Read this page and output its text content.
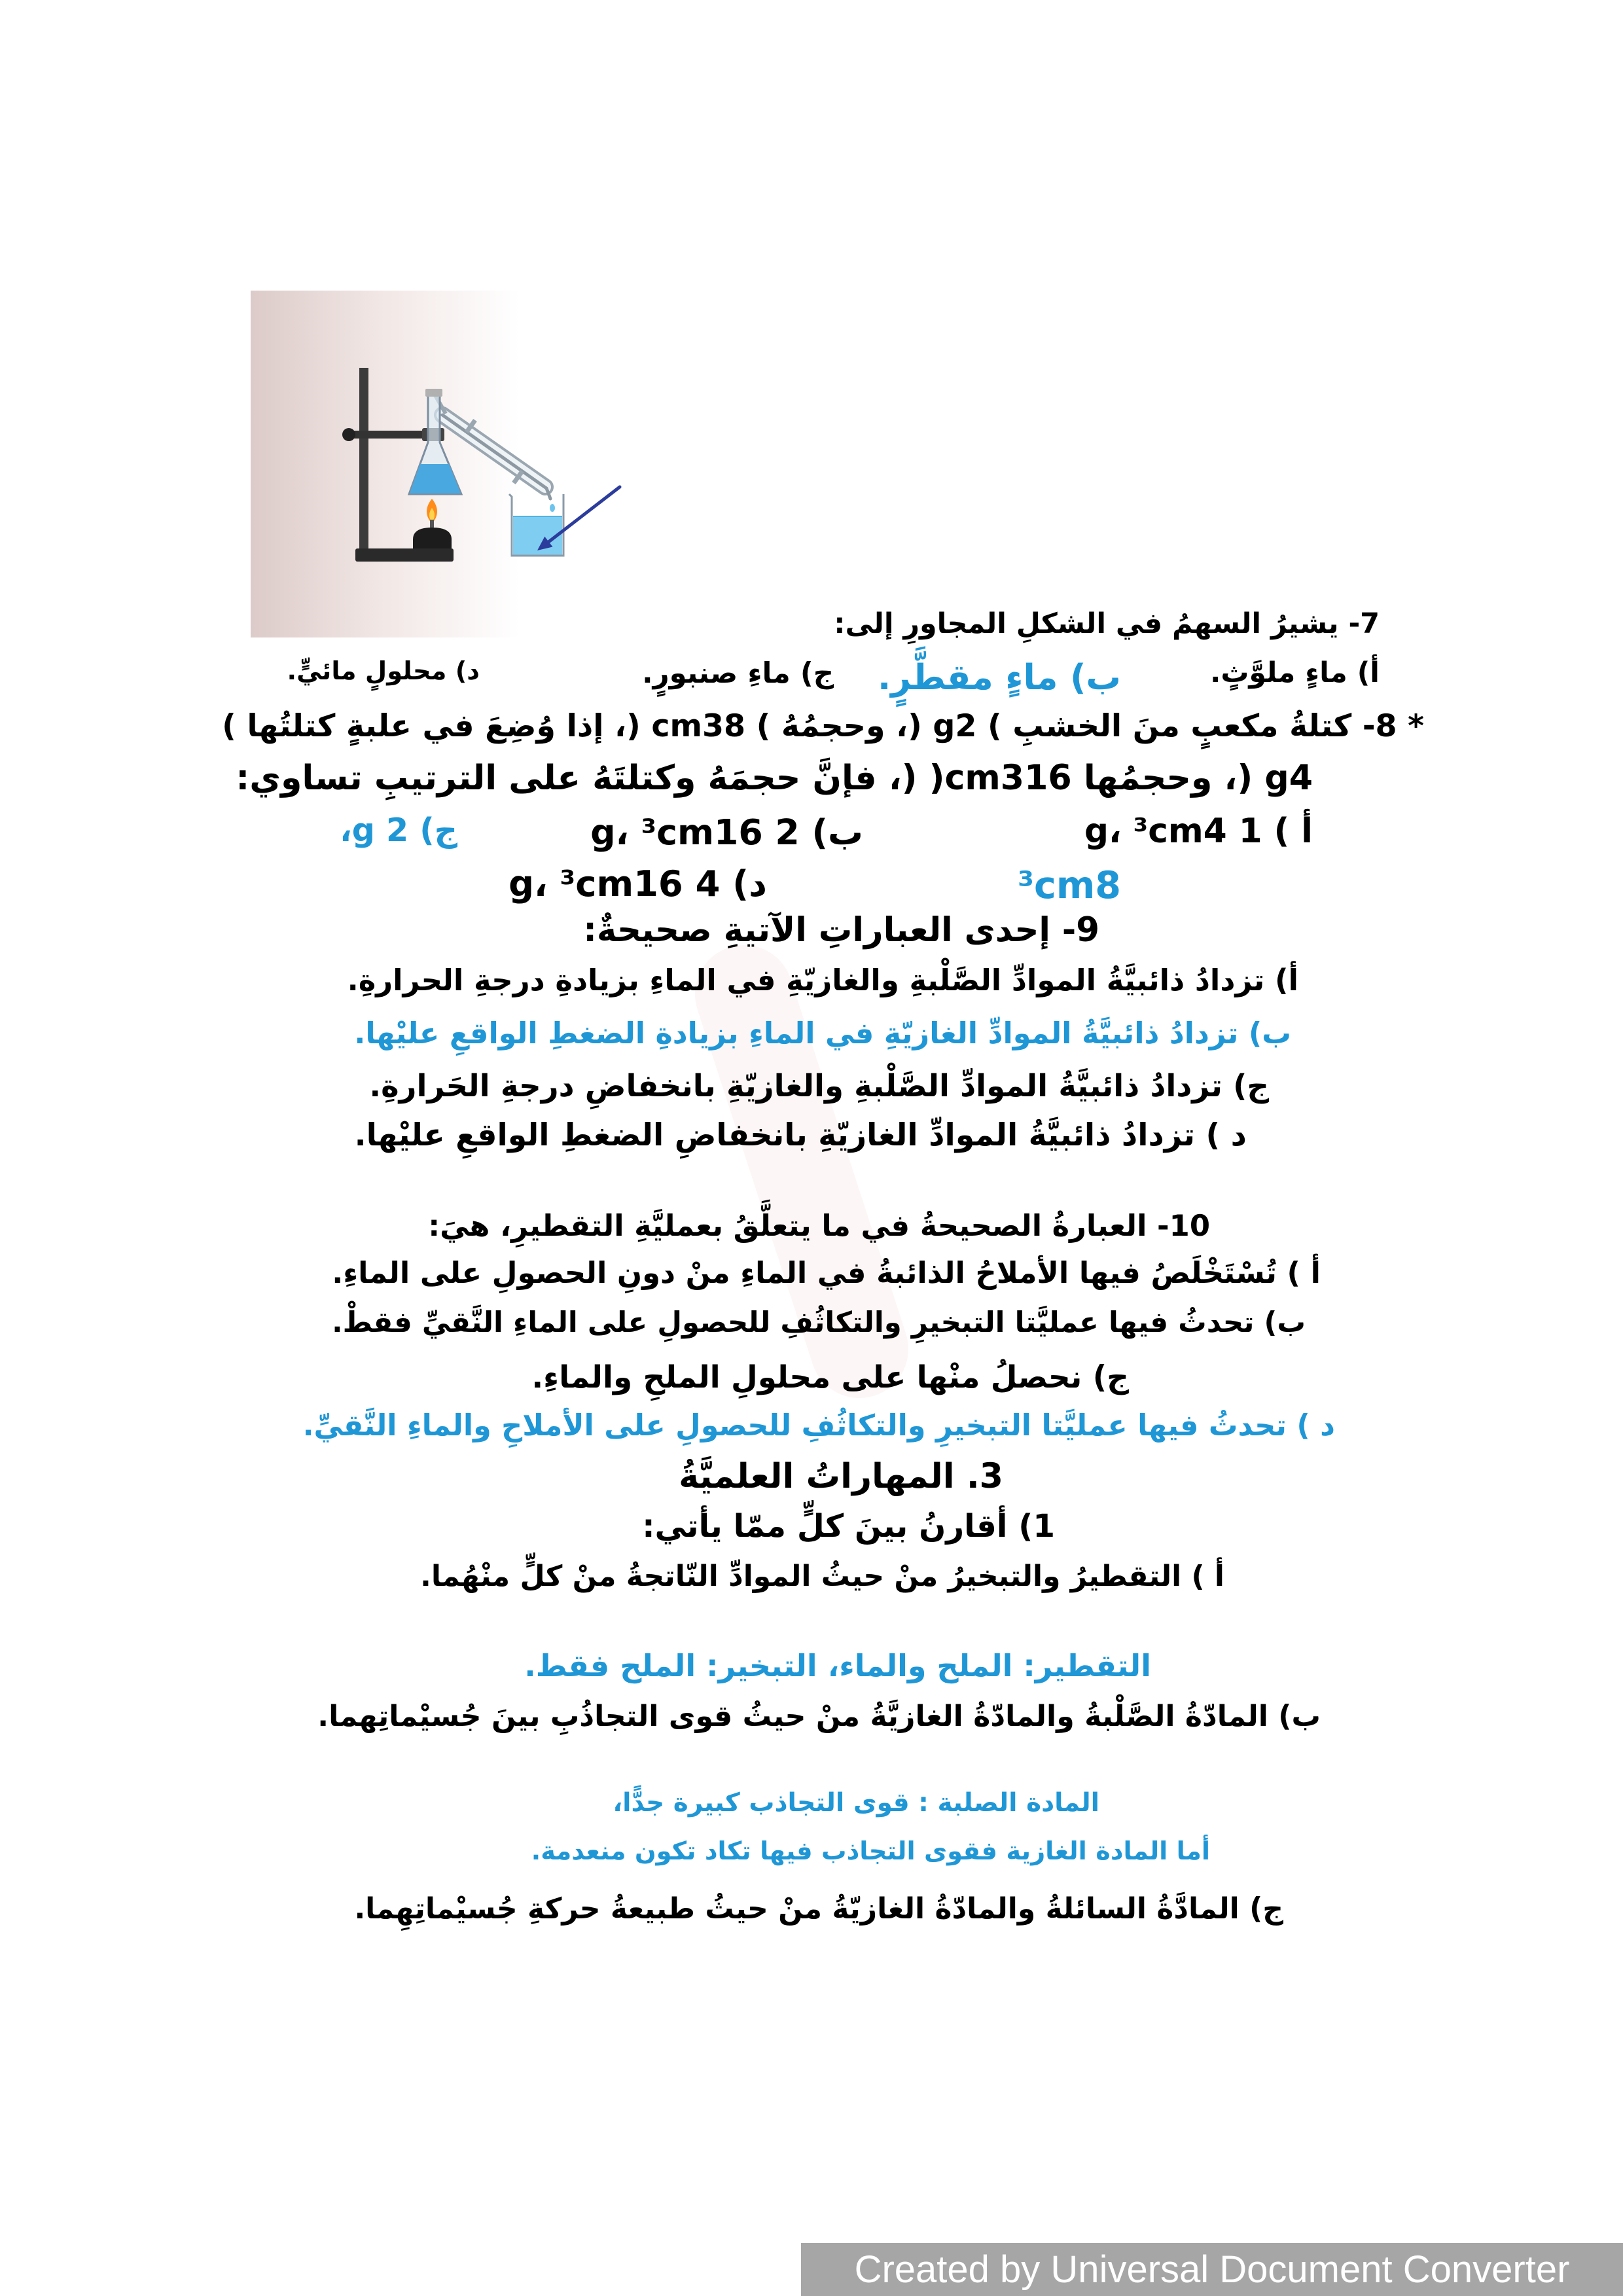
7- يشيرُ السهمُ في الشكلِ المجاورِ إلى:
أ) ماءٍ ملوَّثٍ.
ب) ماءٍ مقطَّرٍ.
ج) ماءِ صنبورٍ.
د) محلولٍ مائيٍّ.
* 8- كتلةُ مكعبٍ منَ الخشبِ ) g2 (، وحجمُهُ ) cm38 (، إذا وُضِعَ في علبةٍ كتلتُها )
g4 (، وحجمُها cm316( (، فإنَّ حجمَهُ وكتلتَهُ على الترتيبِ تساوي:
أ ) 1 g، ³cm4
ب) 2 g، ³cm16
ج) 2 g،
د) 4 g، ³cm16	³cm8
9- إحدى العباراتِ الآتيةِ صحيحةٌ:
أ) تزدادُ ذائبيَّةُ الموادِّ الصَّلْبةِ والغازيّةِ في الماءِ بزيادةِ درجةِ الحرارةِ.
ب) تزدادُ ذائبيَّةُ الموادِّ الغازيّةِ في الماءِ بزيادةِ الضغطِ الواقعِ عليْها.
ج) تزدادُ ذائبيَّةُ الموادِّ الصَّلْبةِ والغازيّةِ بانخفاضِ درجةِ الحَرارةِ.
د ) تزدادُ ذائبيَّةُ الموادِّ الغازيّةِ بانخفاضِ الضغطِ الواقعِ عليْها.
10- العبارةُ الصحيحةُ في ما يتعلَّقُ بعمليَّةِ التقطيرِ، هيَ:
أ ) تُسْتَخْلَصُ فيها الأملاحُ الذائبةُ في الماءِ منْ دونِ الحصولِ على الماءِ.
ب) تحدثُ فيها عمليَّتا التبخيرِ والتكاثُفِ للحصولِ على الماءِ النَّقيِّ فقطْ.
ج) نحصلُ منْها على محلولِ الملحِ والماءِ.
د ) تحدثُ فيها عمليَّتا التبخيرِ والتكاثُفِ للحصولِ على الأملاحِ والماءِ النَّقيِّ.
3. المهاراتُ العلميَّةُ
1) أقارنُ بينَ كلٍّ ممّا يأتي:
أ ) التقطيرُ والتبخيرُ منْ حيثُ الموادِّ النّاتجةُ منْ كلٍّ منْهُما.
التقطير: الملح والماء، التبخير: الملح فقط.
ب) المادّةُ الصَّلْبةُ والمادّةُ الغازيَّةُ منْ حيثُ قوى التجاذُبِ بينَ جُسيْماتِهما.
المادة الصلبة : قوى التجاذب كبيرة جدًّا،
أما المادة الغازية فقوى التجاذب فيها تكاد تكون منعدمة.
ج) المادَّةُ السائلةُ والمادّةُ الغازيّةُ منْ حيثُ طبيعةُ حركةِ جُسيْماتِهِما.
Created by Universal Document Converter
